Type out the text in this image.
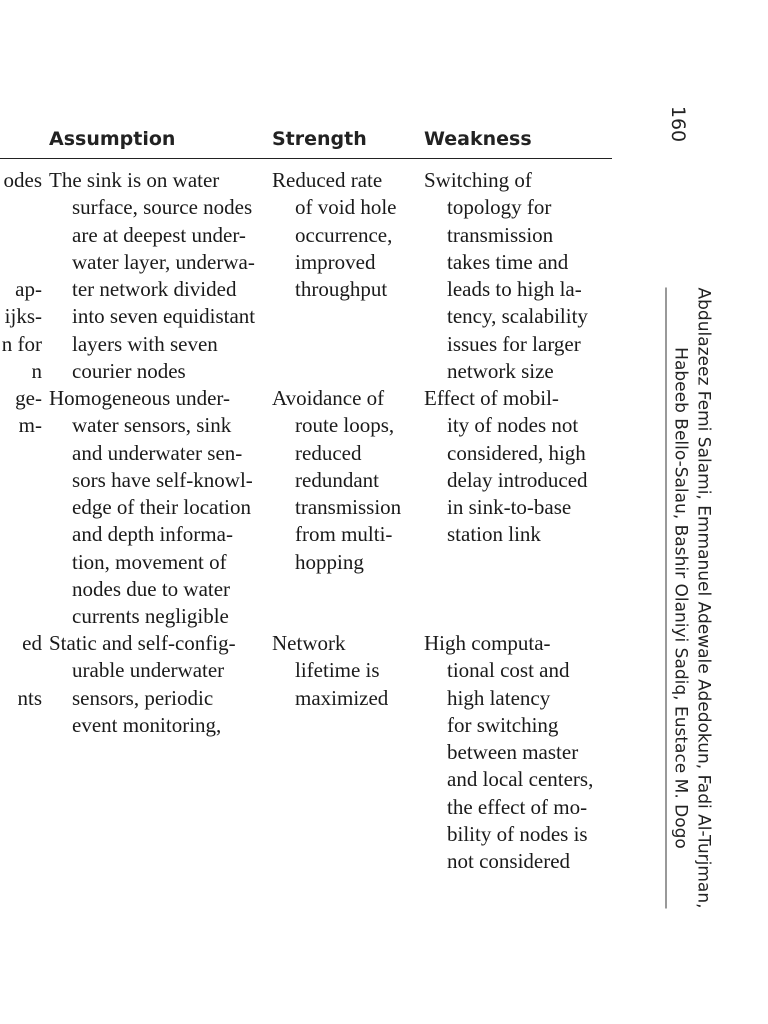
Assumption	Strength	Weakness
odes

ap-
ijks-
n for
n
The sink is on water
surface, source nodes
are at deepest under-
water layer, underwa-
ter network divided
into seven equidistant
layers with seven
courier nodes
Reduced rate
of void hole
occurrence,
improved
throughput
Switching of
topology for
transmission
takes time and
leads to high la-
tency, scalability
issues for larger
network size
ge-
m-
Homogeneous under-
water sensors, sink
and underwater sen-
sors have self-knowl-
edge of their location
and depth informa-
tion, movement of
nodes due to water
currents negligible
Avoidance of
route loops,
reduced
redundant
transmission
from multi-
hopping
Effect of mobil-
ity of nodes not
considered, high
delay introduced
in sink-to-base
station link
ed

nts
Static and self-config-
urable underwater
sensors, periodic
event monitoring,
Network
lifetime is
maximized
High computa-
tional cost and
high latency
for switching
between master
and local centers,
the effect of mo-
bility of nodes is
not considered
160
Abdulazeez Femi Salami, Emmanuel Adewale Adedokun, Fadi Al-Turjman,
Habeeb Bello-Salau, Bashir Olaniyi Sadiq, Eustace M. Dogo
